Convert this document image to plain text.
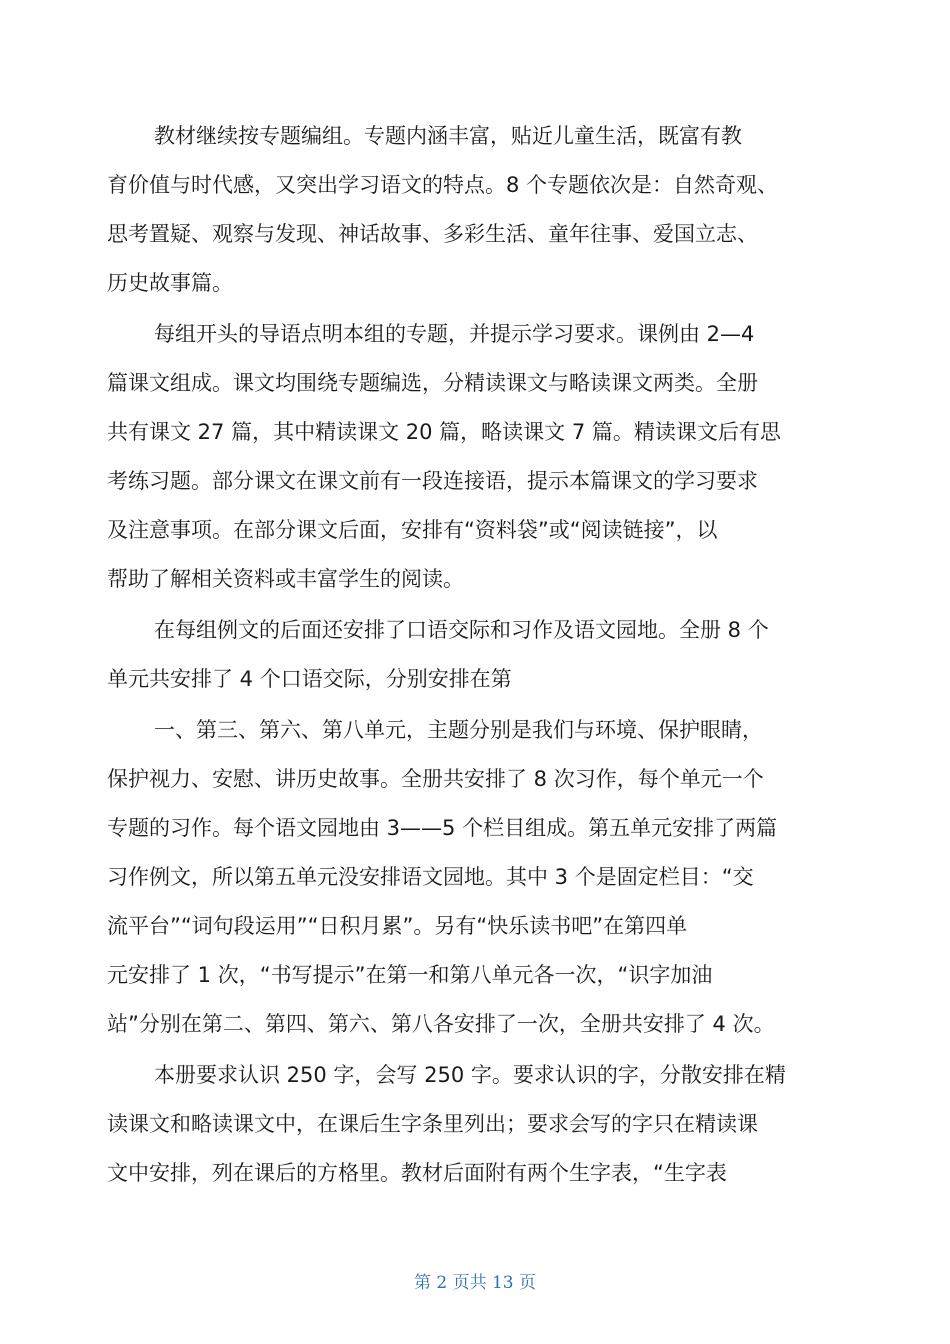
教材继续按专题编组。专题内涵丰富，贴近儿童生活，既富有教
育价值与时代感，又突出学习语文的特点。8 个专题依次是：自然奇观、
思考置疑、观察与发现、神话故事、多彩生活、童年往事、爱国立志、
历史故事篇。
每组开头的导语点明本组的专题，并提示学习要求。课例由 2—4
篇课文组成。课文均围绕专题编选，分精读课文与略读课文两类。全册
共有课文 27 篇，其中精读课文 20 篇，略读课文 7 篇。精读课文后有思
考练习题。部分课文在课文前有一段连接语，提示本篇课文的学习要求
及注意事项。在部分课文后面，安排有“资料袋”或“阅读链接”，以
帮助了解相关资料或丰富学生的阅读。
在每组例文的后面还安排了口语交际和习作及语文园地。全册 8 个
单元共安排了 4 个口语交际，分别安排在第
一、第三、第六、第八单元，主题分别是我们与环境、保护眼睛，
保护视力、安慰、讲历史故事。全册共安排了 8 次习作，每个单元一个
专题的习作。每个语文园地由 3——5 个栏目组成。第五单元安排了两篇
习作例文，所以第五单元没安排语文园地。其中 3 个是固定栏目：“交
流平台”“词句段运用”“日积月累”。另有“快乐读书吧”在第四单
元安排了 1 次，“书写提示”在第一和第八单元各一次，“识字加油
站”分别在第二、第四、第六、第八各安排了一次，全册共安排了 4 次。
本册要求认识 250 字，会写 250 字。要求认识的字，分散安排在精
读课文和略读课文中，在课后生字条里列出；要求会写的字只在精读课
文中安排，列在课后的方格里。教材后面附有两个生字表，“生字表
第 2 页共 13 页
